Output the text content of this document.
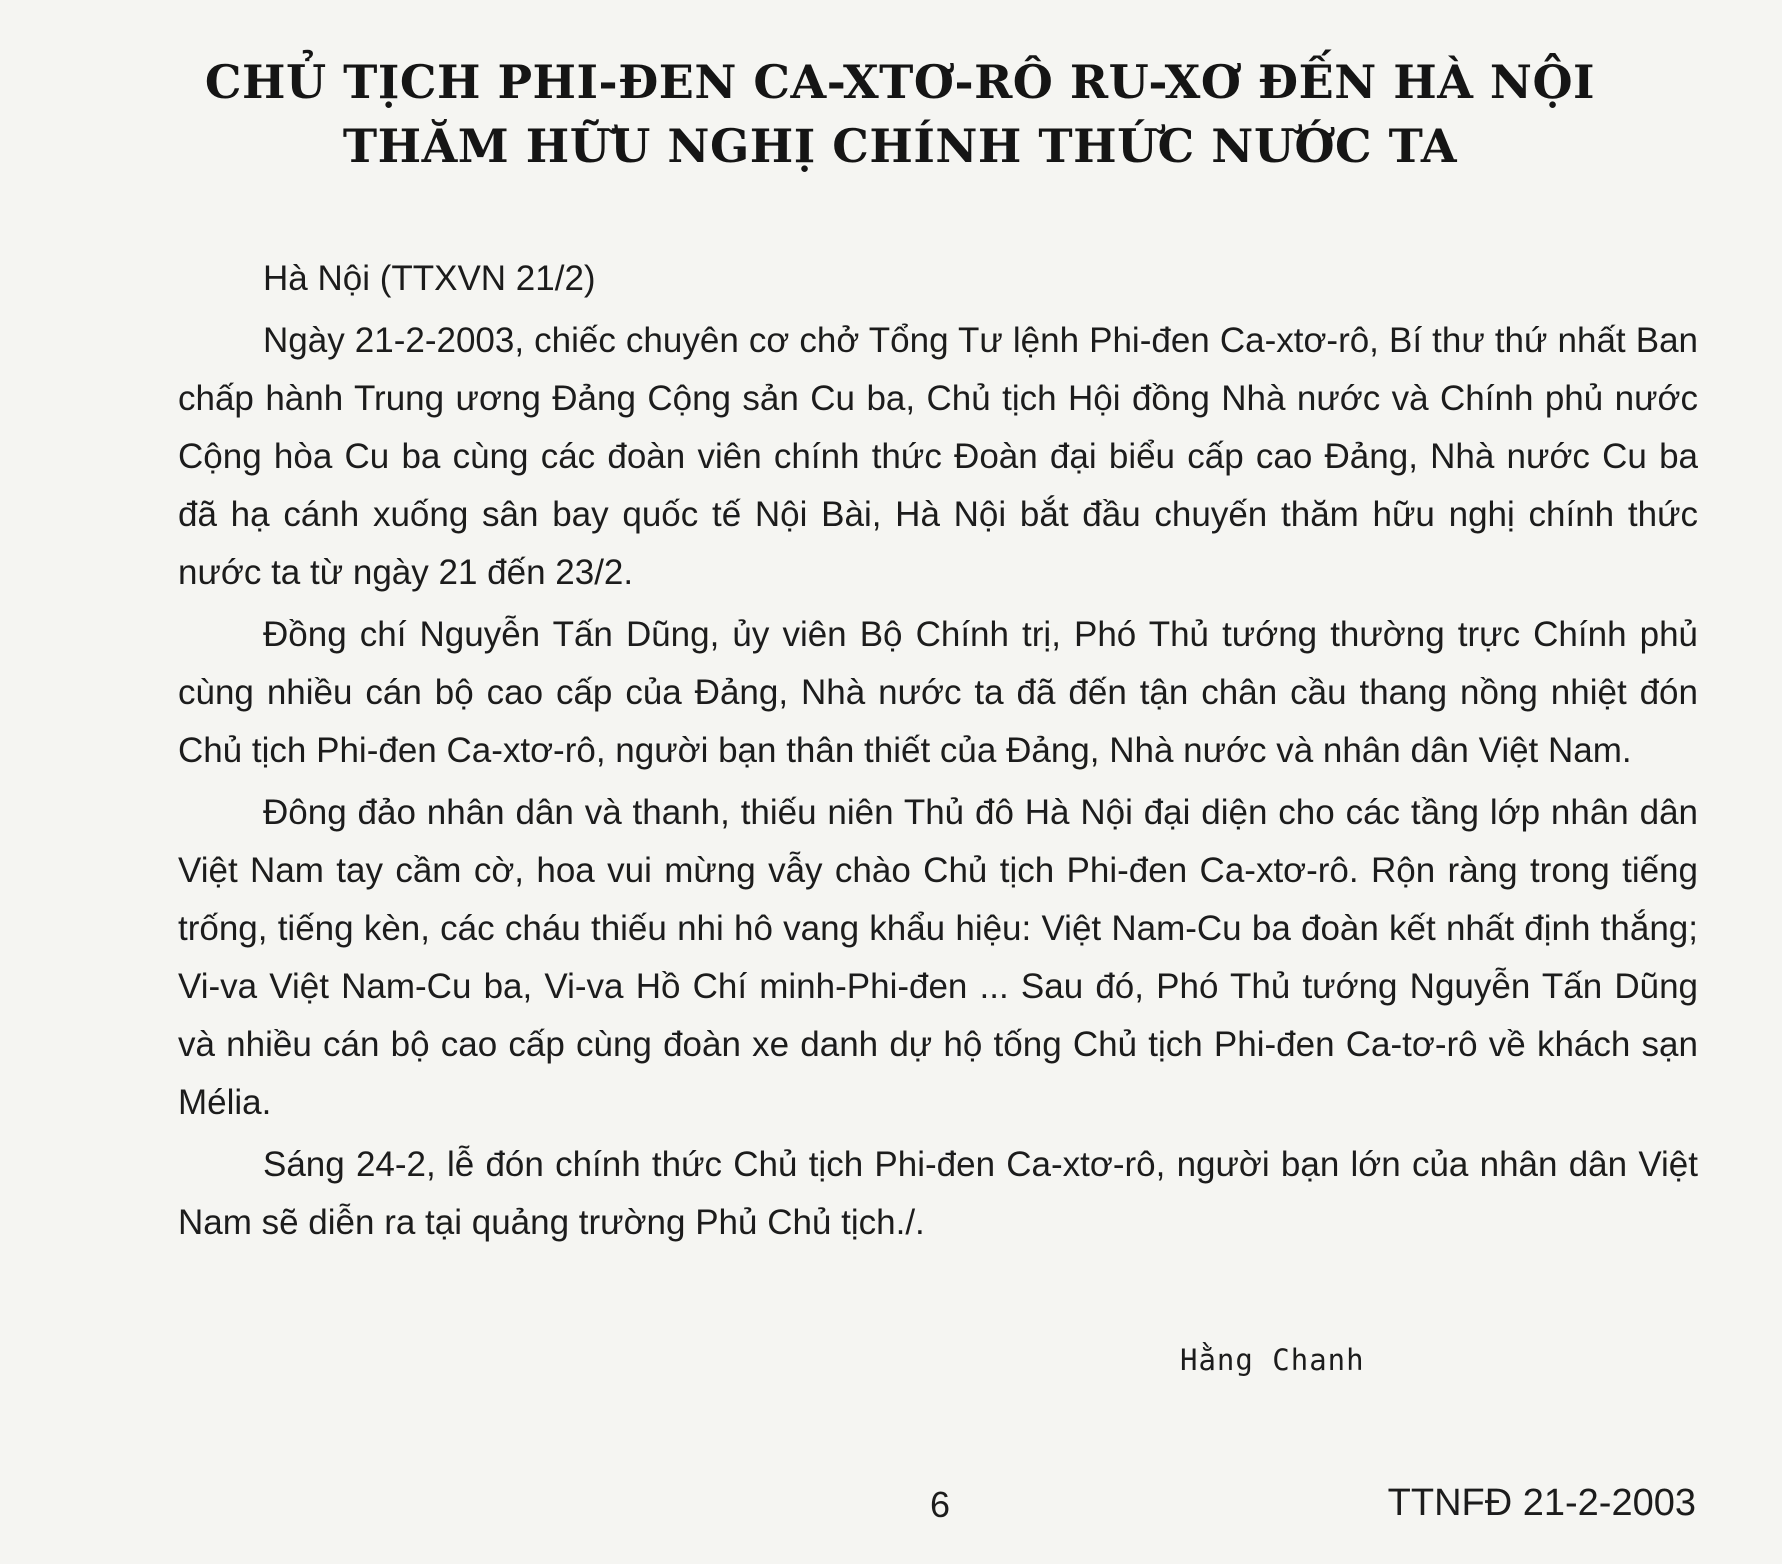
CHỦ TỊCH PHI-ĐEN CA-XTƠ-RÔ RU-XƠ ĐẾN HÀ NỘI
THĂM HỮU NGHỊ CHÍNH THỨC NƯỚC TA

Hà Nội (TTXVN 21/2)

Ngày 21-2-2003, chiếc chuyên cơ chở Tổng Tư lệnh Phi-đen Ca-xtơ-rô, Bí thư thứ nhất Ban chấp hành Trung ương Đảng Cộng sản Cu ba, Chủ tịch Hội đồng Nhà nước và Chính phủ nước Cộng hòa Cu ba cùng các đoàn viên chính thức Đoàn đại biểu cấp cao Đảng, Nhà nước Cu ba đã hạ cánh xuống sân bay quốc tế Nội Bài, Hà Nội bắt đầu chuyến thăm hữu nghị chính thức nước ta từ ngày 21 đến 23/2.

Đồng chí Nguyễn Tấn Dũng, ủy viên Bộ Chính trị, Phó Thủ tướng thường trực Chính phủ cùng nhiều cán bộ cao cấp của Đảng, Nhà nước ta đã đến tận chân cầu thang nồng nhiệt đón Chủ tịch Phi-đen Ca-xtơ-rô, người bạn thân thiết của Đảng, Nhà nước và nhân dân Việt Nam.

Đông đảo nhân dân và thanh, thiếu niên Thủ đô Hà Nội đại diện cho các tầng lớp nhân dân Việt Nam tay cầm cờ, hoa vui mừng vẫy chào Chủ tịch Phi-đen Ca-xtơ-rô. Rộn ràng trong tiếng trống, tiếng kèn, các cháu thiếu nhi hô vang khẩu hiệu: Việt Nam-Cu ba đoàn kết nhất định thắng; Vi-va Việt Nam-Cu ba, Vi-va Hồ Chí minh-Phi-đen ... Sau đó, Phó Thủ tướng Nguyễn Tấn Dũng và nhiều cán bộ cao cấp cùng đoàn xe danh dự hộ tống Chủ tịch Phi-đen Ca-tơ-rô về khách sạn Mélia.

Sáng 24-2, lễ đón chính thức Chủ tịch Phi-đen Ca-xtơ-rô, người bạn lớn của nhân dân Việt Nam sẽ diễn ra tại quảng trường Phủ Chủ tịch./.

Hằng Chanh
6	TTNFĐ 21-2-2003
